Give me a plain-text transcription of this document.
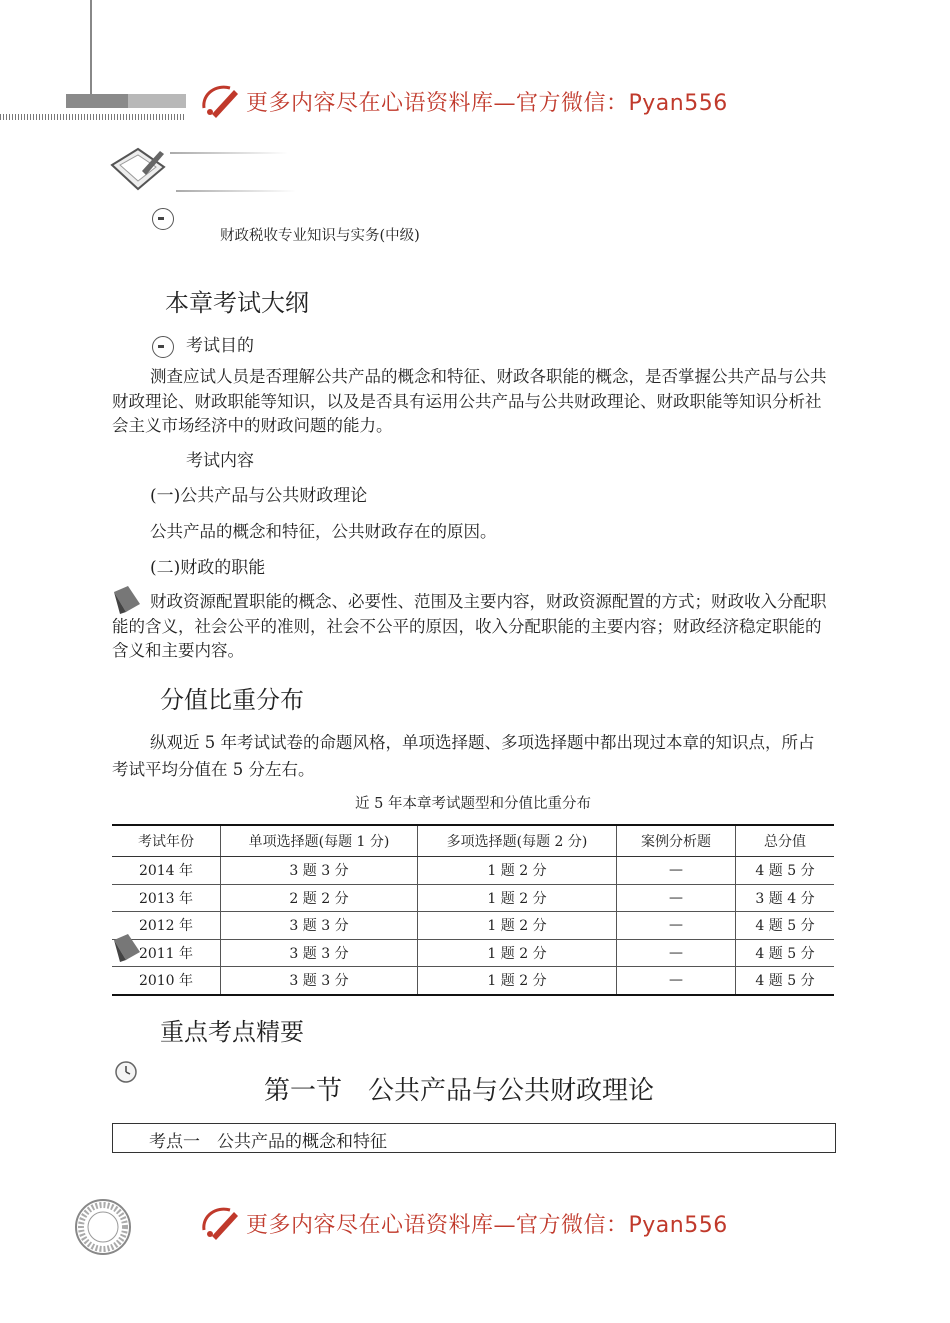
更多内容尽在心语资料库—官方微信：Pyan556
财政税收专业知识与实务(中级)
本章考试大纲
考试目的
测查应试人员是否理解公共产品的概念和特征、财政各职能的概念，是否掌握公共产品与公共财政理论、财政职能等知识，以及是否具有运用公共产品与公共财政理论、财政职能等知识分析社会主义市场经济中的财政问题的能力。
考试内容
(一)公共产品与公共财政理论
公共产品的概念和特征，公共财政存在的原因。
(二)财政的职能
财政资源配置职能的概念、必要性、范围及主要内容，财政资源配置的方式；财政收入分配职能的含义，社会公平的准则，社会不公平的原因，收入分配职能的主要内容；财政经济稳定职能的含义和主要内容。
分值比重分布
纵观近 5 年考试试卷的命题风格，单项选择题、多项选择题中都出现过本章的知识点，所占考试平均分值在 5 分左右。
近 5 年本章考试题型和分值比重分布
考试年份	单项选择题(每题 1 分)	多项选择题(每题 2 分)	案例分析题	总分值
2014 年	3 题 3 分	1 题 2 分	—	4 题 5 分
2013 年	2 题 2 分	1 题 2 分	—	3 题 4 分
2012 年	3 题 3 分	1 题 2 分	—	4 题 5 分
2011 年	3 题 3 分	1 题 2 分	—	4 题 5 分
2010 年	3 题 3 分	1 题 2 分	—	4 题 5 分
重点考点精要
第一节　公共产品与公共财政理论
考点一　公共产品的概念和特征
更多内容尽在心语资料库—官方微信：Pyan556
